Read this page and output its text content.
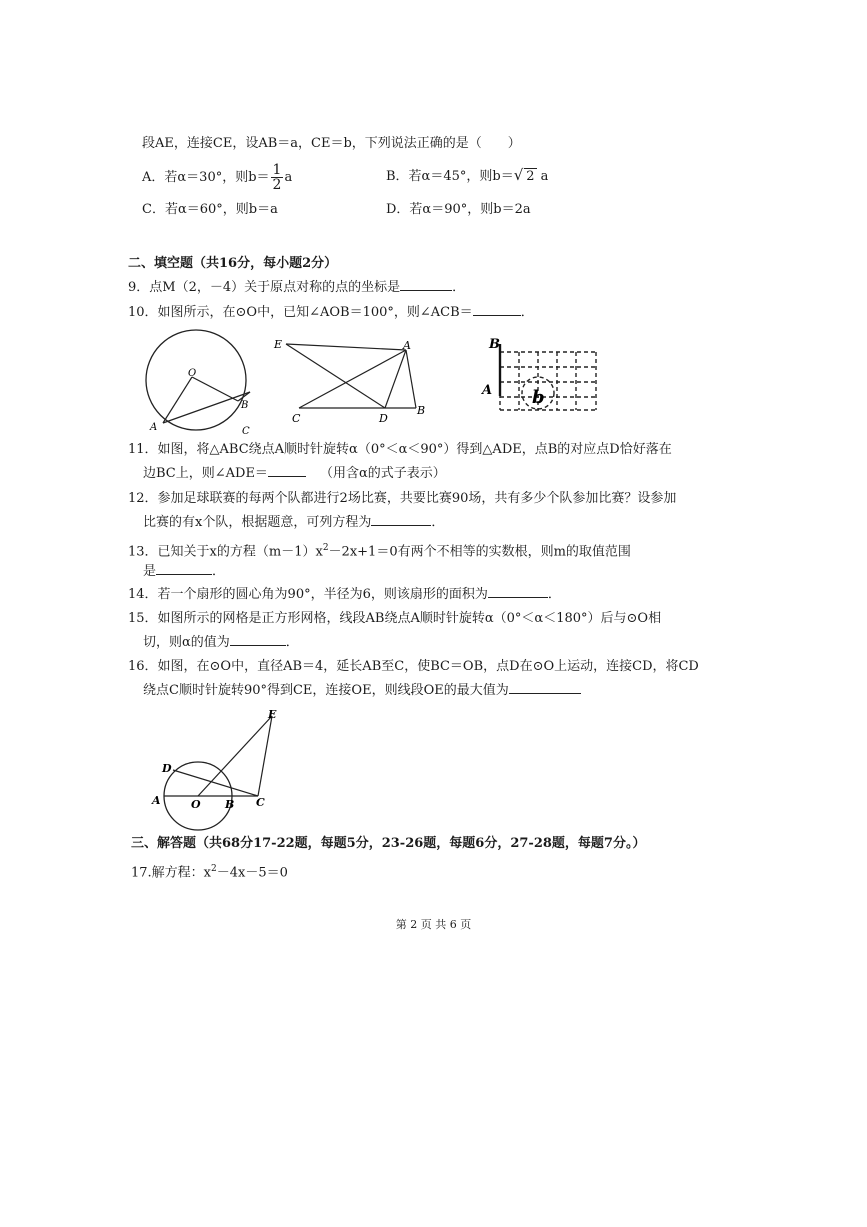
段AE，连接CE，设AB＝a，CE＝b，下列说法正确的是（　　）
A．若α＝30°，则$b= \frac{1}{2}$ a	B．若α＝45°，则b＝√ 2 a
C．若α＝60°，则b＝a	D．若α＝90°，则b＝2a
二、填空题（共16分，每小题2分）
9．点M（2，－4）关于原点对称的点的坐标是	．
10．如图所示，在⊙O中，已知∠AOB＝100°，则∠ACB＝	．
O
A
B
C
E	A
C	D
B
B
A b
11．如图，将△ABC绕点A顺时针旋转α（0°＜α＜90°）得到△ADE，点B的对应点D恰好落在
边BC上，则∠ADE＝	（用含α的式子表示）
12．参加足球联赛的每两个队都进行2场比赛，共要比赛90场，共有多少个队参加比赛？设参加
比赛的有x个队，根据题意，可列方程为	．
13．已知关于x的方程$(m-1)x^2-2x+1=0$有两个不相等的实数根，则m的取值范围
是	．
14．若一个扇形的圆心角为90°，半径为6，则该扇形的面积为	．
15．如图所示的网格是正方形网格，线段AB绕点A顺时针旋转α（0°＜α＜180°）后与⊙O相
切，则α的值为	．
16．如图，在⊙O中，直径AB＝4，延长AB至C，使BC＝OB，点D在⊙O上运动，连接CD，将CD
绕点C顺时针旋转90°得到CE，连接OE，则线段OE的最大值为
E
D
A	O B C
三、解答题（共68分17-22题，每题5分，23-26题，每题6分，27-28题，每题7分。）
17.解方程：$x^2-4x-5=0$
第 2 页 共 6 页
